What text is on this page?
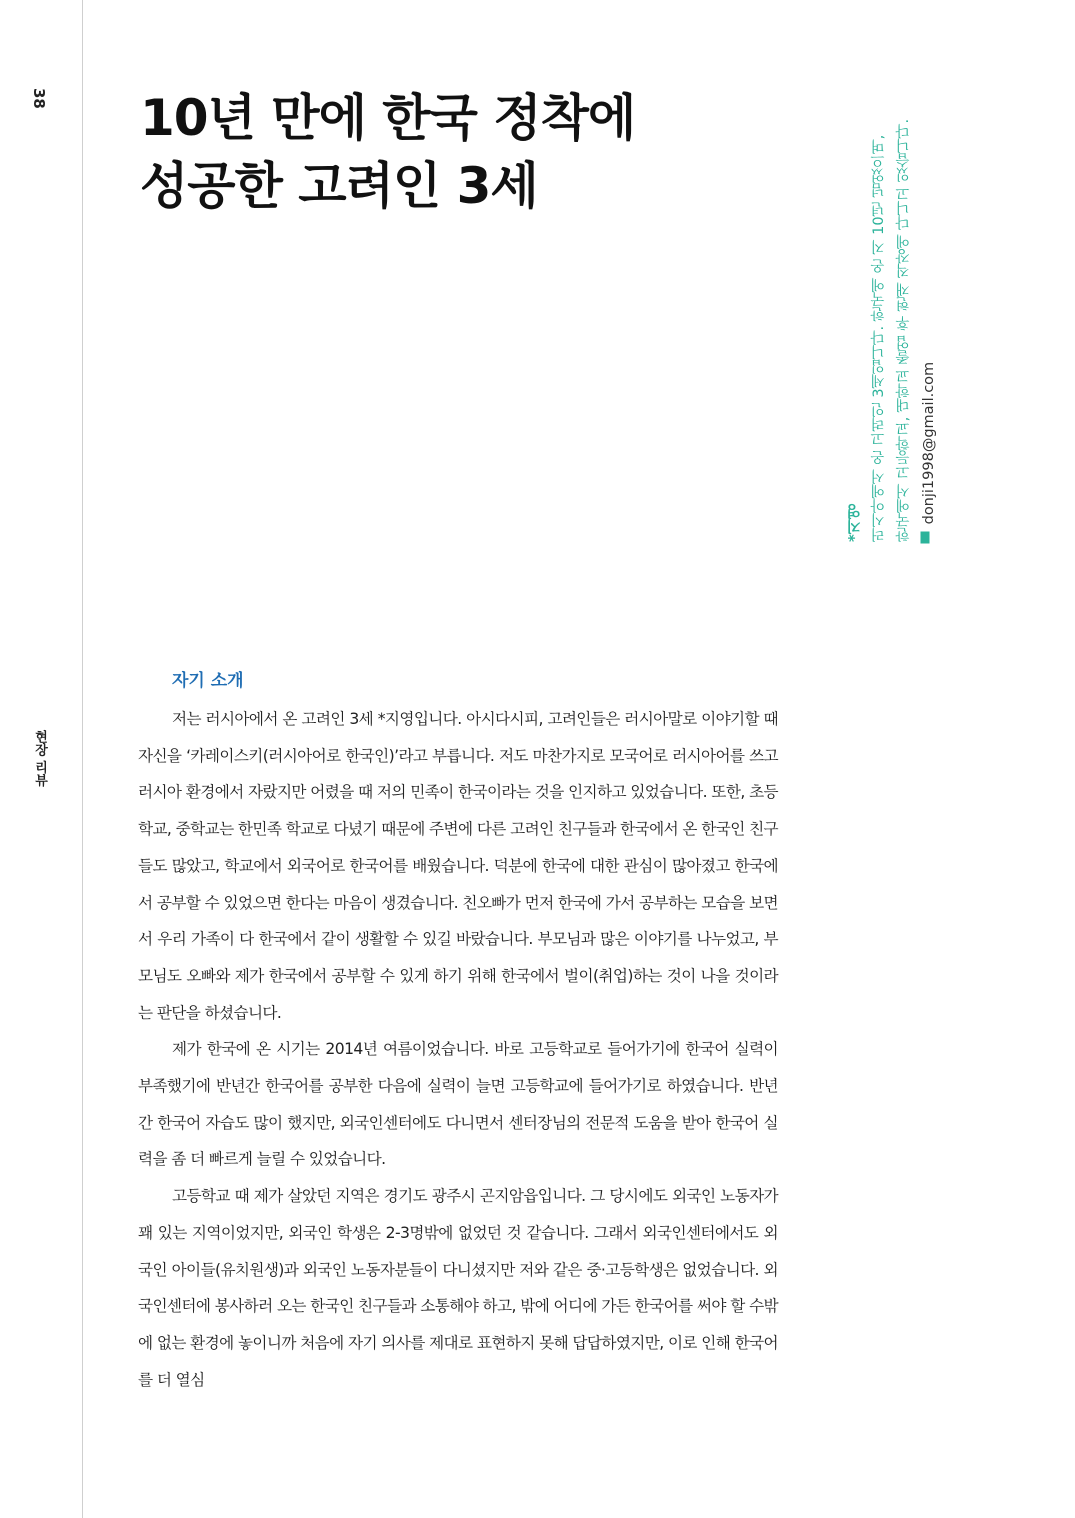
38
현장 리뷰
10년 만에 한국 정착에
성공한 고려인 3세
*지영 러시아에서 온 고려인 3세입니다. 한국에 온 지 10년 넘었으며, 한국에서 고등학교, 대학교 졸업 후 현재 직장에 다니고 있습니다. donji1998@gmail.com
자기 소개

저는 러시아에서 온 고려인 3세 *지영입니다. 아시다시피, 고려인들은 러시아말로 이야기할 때 자신을 ‘카레이스키(러시아어로 한국인)’라고 부릅니다. 저도 마찬가지로 모국어로 러시아어를 쓰고 러시아 환경에서 자랐지만 어렸을 때 저의 민족이 한국이라는 것을 인지하고 있었습니다. 또한, 초등학교, 중학교는 한민족 학교로 다녔기 때문에 주변에 다른 고려인 친구들과 한국에서 온 한국인 친구들도 많았고, 학교에서 외국어로 한국어를 배웠습니다. 덕분에 한국에 대한 관심이 많아졌고 한국에서 공부할 수 있었으면 한다는 마음이 생겼습니다. 친오빠가 먼저 한국에 가서 공부하는 모습을 보면서 우리 가족이 다 한국에서 같이 생활할 수 있길 바랐습니다. 부모님과 많은 이야기를 나누었고, 부모님도 오빠와 제가 한국에서 공부할 수 있게 하기 위해 한국에서 벌이(취업)하는 것이 나을 것이라는 판단을 하셨습니다.

제가 한국에 온 시기는 2014년 여름이었습니다. 바로 고등학교로 들어가기에 한국어 실력이 부족했기에 반년간 한국어를 공부한 다음에 실력이 늘면 고등학교에 들어가기로 하였습니다. 반년간 한국어 자습도 많이 했지만, 외국인센터에도 다니면서 센터장님의 전문적 도움을 받아 한국어 실력을 좀 더 빠르게 늘릴 수 있었습니다.

고등학교 때 제가 살았던 지역은 경기도 광주시 곤지암읍입니다. 그 당시에도 외국인 노동자가 꽤 있는 지역이었지만, 외국인 학생은 2-3명밖에 없었던 것 같습니다. 그래서 외국인센터에서도 외국인 아이들(유치원생)과 외국인 노동자분들이 다니셨지만 저와 같은 중·고등학생은 없었습니다. 외국인센터에 봉사하러 오는 한국인 친구들과 소통해야 하고, 밖에 어디에 가든 한국어를 써야 할 수밖에 없는 환경에 놓이니까 처음에 자기 의사를 제대로 표현하지 못해 답답하였지만, 이로 인해 한국어를 더 열심
